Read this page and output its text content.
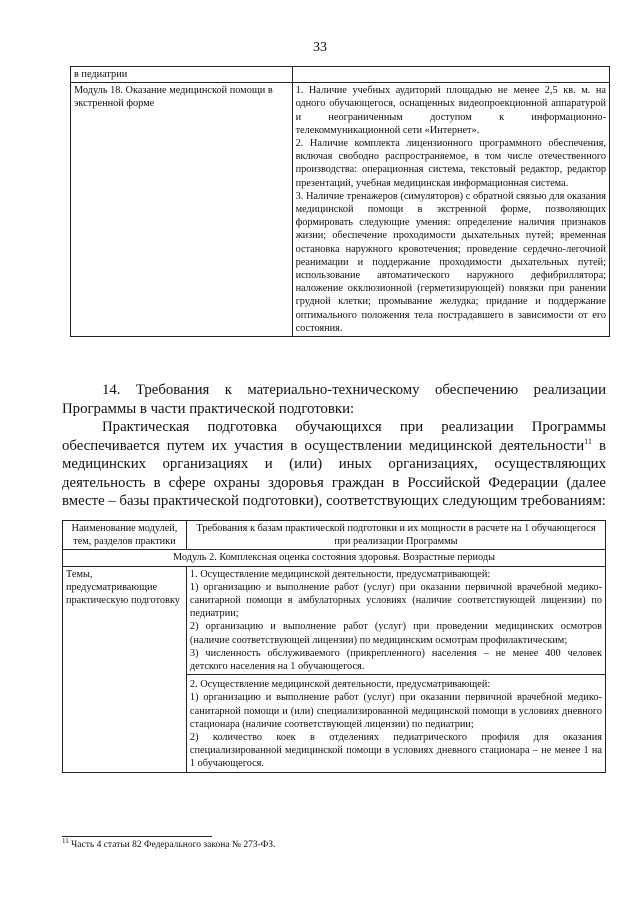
33
в педиатрии	
Модуль 18. Оказание медицинской помощи в экстренной форме	1. Наличие учебных аудиторий площадью не менее 2,5 кв. м. на одного обучающегося, оснащенных видеопроекционной аппаратурой и неограниченным доступом к информационно-телекоммуникационной сети «Интернет».

2. Наличие комплекта лицензионного программного обеспечения, включая свободно распространяемое, в том числе отечественного производства: операционная система, текстовый редактор, редактор презентаций, учебная медицинская информационная система.

3. Наличие тренажеров (симуляторов) с обратной связью для оказания медицинской помощи в экстренной форме, позволяющих формировать следующие умения: определение наличия признаков жизни; обеспечение проходимости дыхательных путей; временная остановка наружного кровотечения; проведение сердечно-легочной реанимации и поддержание проходимости дыхательных путей; использование автоматического наружного дефибриллятора; наложение окклюзионной (герметизирующей) повязки при ранении грудной клетки; промывание желудка; придание и поддержание оптимального положения тела пострадавшего в зависимости от его состояния.

14. Требования к материально-техническому обеспечению реализации Программы в части практической подготовки:
Практическая подготовка обучающихся при реализации Программы обеспечивается путем их участия в осуществлении медицинской деятельности$^{11}$ в медицинских организациях и (или) иных организациях, осуществляющих деятельность в сфере охраны здоровья граждан в Российской Федерации (далее вместе – базы практической подготовки), соответствующих следующим требованиям:
Наименование модулей, тем, разделов практики	Требования к базам практической подготовки и их мощности в расчете на 1 обучающегося при реализации Программы
Модуль 2. Комплексная оценка состояния здоровья. Возрастные периоды	
Темы, предусматривающие практическую подготовку	1. Осуществление медицинской деятельности, предусматривающей:

1) организацию и выполнение работ (услуг) при оказании первичной врачебной медико-санитарной помощи в амбулаторных условиях (наличие соответствующей лицензии) по педиатрии;

2) организацию и выполнение работ (услуг) при проведении медицинских осмотров (наличие соответствующей лицензии) по медицинским осмотрам профилактическим;

3) численность обслуживаемого (прикрепленного) населения – не менее 400 человек детского населения на 1 обучающегося.

	2. Осуществление медицинской деятельности, предусматривающей:

1) организацию и выполнение работ (услуг) при оказании первичной врачебной медико-санитарной помощи и (или) специализированной медицинской помощи в условиях дневного стационара (наличие соответствующей лицензии) по педиатрии;

2) количество коек в отделениях педиатрического профиля для оказания специализированной медицинской помощи в условиях дневного стационара – не менее 1 на 1 обучающегося.

$^{11}$ Часть 4 статьи 82 Федерального закона № 273-ФЗ.
